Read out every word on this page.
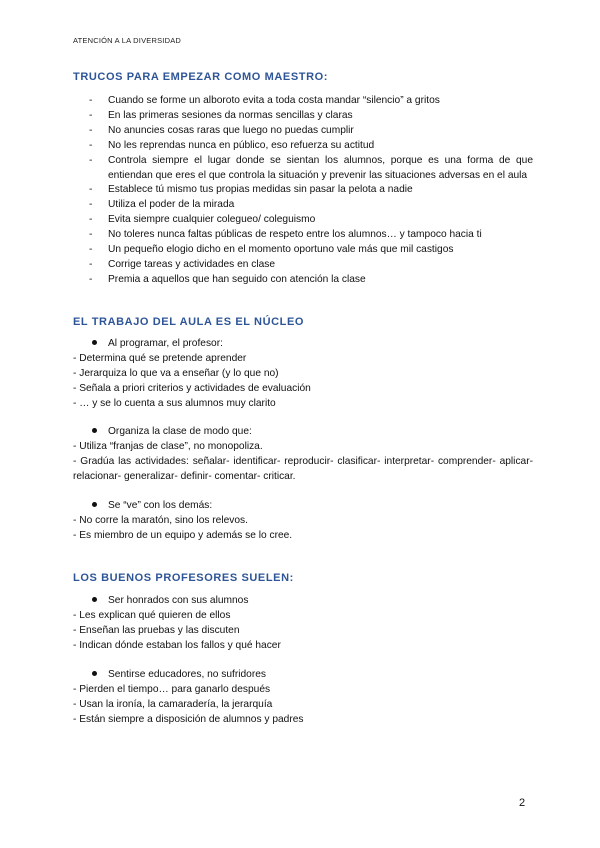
ATENCIÓN A LA DIVERSIDAD
TRUCOS PARA EMPEZAR COMO MAESTRO:
- Cuando se forme un alboroto evita a toda costa mandar “silencio” a gritos
- En las primeras sesiones da normas sencillas y claras
- No anuncies cosas raras que luego no puedas cumplir
- No les reprendas nunca en público, eso refuerza su actitud
- Controla siempre el lugar donde se sientan los alumnos, porque es una forma de que entiendan que eres el que controla la situación y prevenir las situaciones adversas en el aula
- Establece tú mismo tus propias medidas sin pasar la pelota a nadie
- Utiliza el poder de la mirada
- Evita siempre cualquier colegueo/ coleguismo
- No toleres nunca faltas públicas de respeto entre los alumnos… y tampoco hacia ti
- Un pequeño elogio dicho en el momento oportuno vale más que mil castigos
- Corrige tareas y actividades en clase
- Premia a aquellos que han seguido con atención la clase
EL TRABAJO DEL AULA ES EL NÚCLEO
Al programar, el profesor:
- Determina qué se pretende aprender
- Jerarquiza lo que va a enseñar (y lo que no)
- Señala a priori criterios y actividades de evaluación
- … y se lo cuenta a sus alumnos muy clarito
Organiza la clase de modo que:
- Utiliza “franjas de clase”, no monopoliza.
- Gradúa las actividades: señalar- identificar- reproducir- clasificar- interpretar- comprender- aplicar- relacionar- generalizar- definir- comentar- criticar.
Se “ve” con los demás:
- No corre la maratón, sino los relevos.
- Es miembro de un equipo y además se lo cree.
LOS BUENOS PROFESORES SUELEN:
Ser honrados con sus alumnos
- Les explican qué quieren de ellos
- Enseñan las pruebas y las discuten
- Indican dónde estaban los fallos y qué hacer
Sentirse educadores, no sufridores
- Pierden el tiempo… para ganarlo después
- Usan la ironía, la camaradería, la jerarquía
- Están siempre a disposición de alumnos y padres
2
